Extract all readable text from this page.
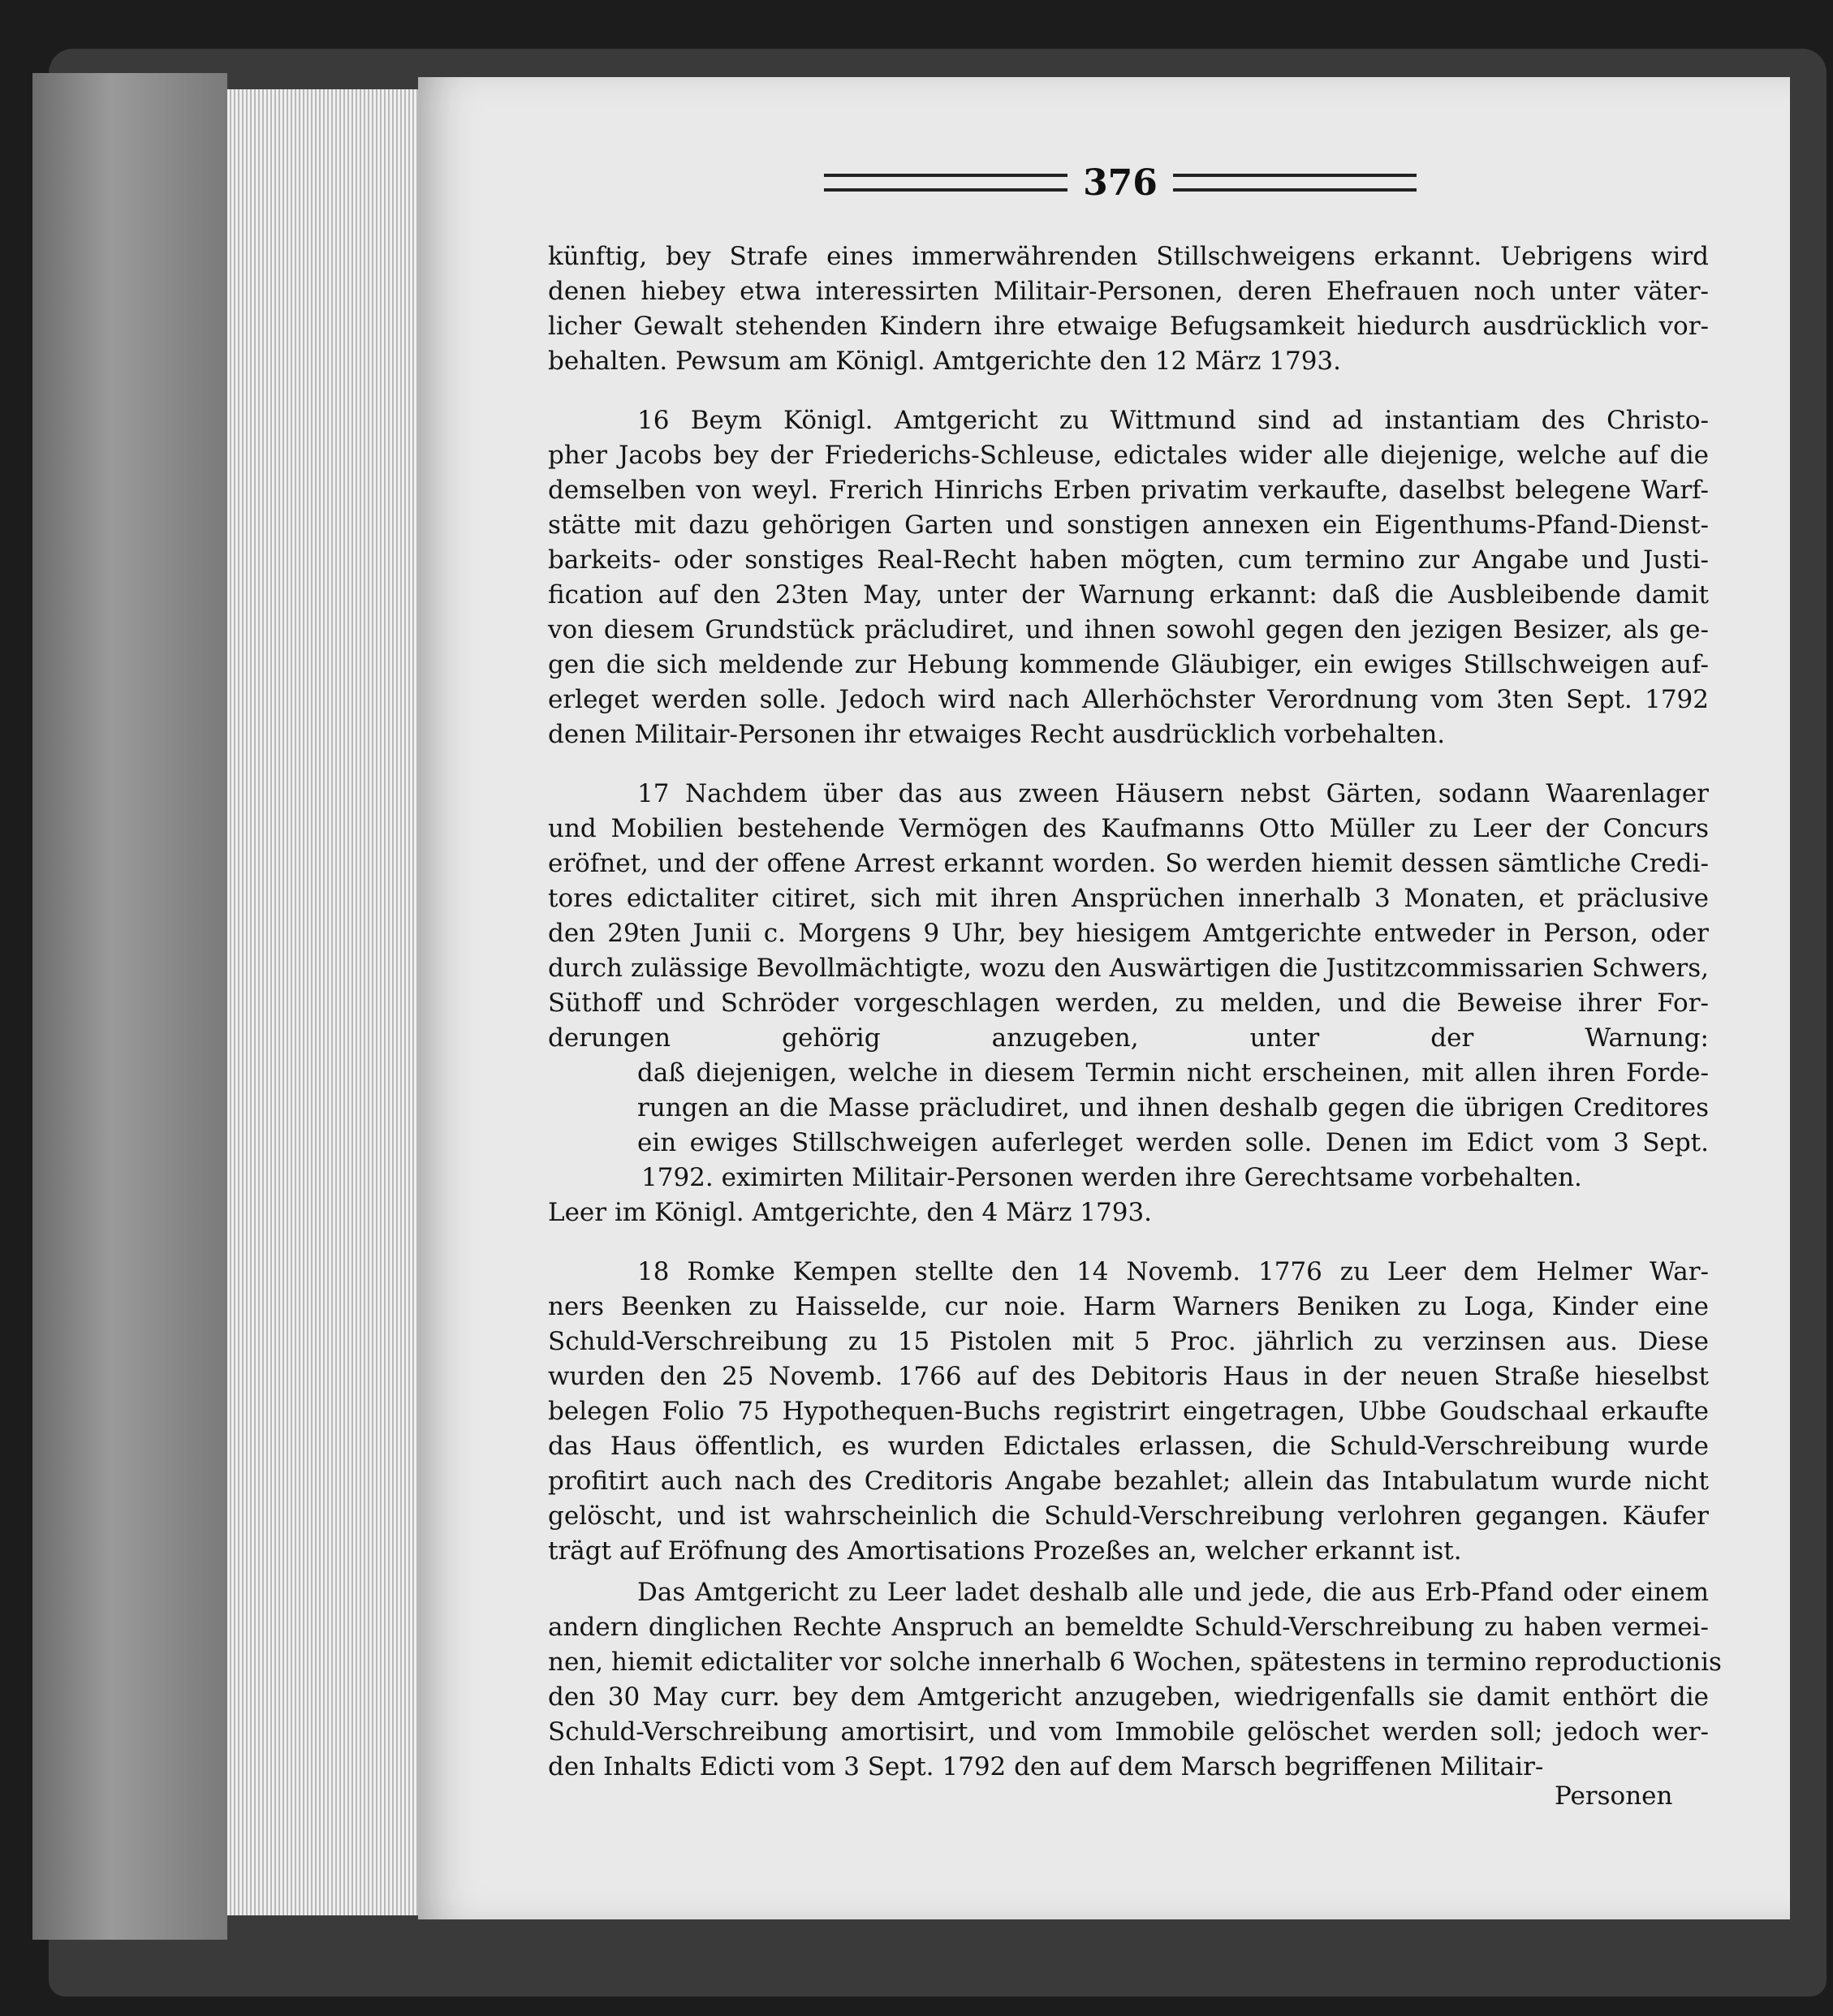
376
künftig, bey Strafe eines immerwährenden Stillschweigens erkannt. Uebrigens wird
denen hiebey etwa interessirten Militair-Personen, deren Ehefrauen noch unter väter-
licher Gewalt stehenden Kindern ihre etwaige Befugsamkeit hiedurch ausdrücklich vor-
behalten. Pewsum am Königl. Amtgerichte den 12 März 1793.
16 Beym Königl. Amtgericht zu Wittmund sind ad instantiam des Christo-
pher Jacobs bey der Friederichs-Schleuse, edictales wider alle diejenige, welche auf die
demselben von weyl. Frerich Hinrichs Erben privatim verkaufte, daselbst belegene Warf-
stätte mit dazu gehörigen Garten und sonstigen annexen ein Eigenthums-Pfand-Dienst-
barkeits- oder sonstiges Real-Recht haben mögten, cum termino zur Angabe und Justi-
fication auf den 23ten May, unter der Warnung erkannt: daß die Ausbleibende damit
von diesem Grundstück präcludiret, und ihnen sowohl gegen den jezigen Besizer, als ge-
gen die sich meldende zur Hebung kommende Gläubiger, ein ewiges Stillschweigen auf-
erleget werden solle. Jedoch wird nach Allerhöchster Verordnung vom 3ten Sept. 1792
denen Militair-Personen ihr etwaiges Recht ausdrücklich vorbehalten.
17 Nachdem über das aus zween Häusern nebst Gärten, sodann Waarenlager
und Mobilien bestehende Vermögen des Kaufmanns Otto Müller zu Leer der Concurs
eröfnet, und der offene Arrest erkannt worden. So werden hiemit dessen sämtliche Credi-
tores edictaliter citiret, sich mit ihren Ansprüchen innerhalb 3 Monaten, et präclusive
den 29ten Junii c. Morgens 9 Uhr, bey hiesigem Amtgerichte entweder in Person, oder
durch zulässige Bevollmächtigte, wozu den Auswärtigen die Justitzcommissarien Schwers,
Süthoff und Schröder vorgeschlagen werden, zu melden, und die Beweise ihrer For-
derungen gehörig anzugeben, unter der Warnung:
daß diejenigen, welche in diesem Termin nicht erscheinen, mit allen ihren Forde-
rungen an die Masse präcludiret, und ihnen deshalb gegen die übrigen Creditores
ein ewiges Stillschweigen auferleget werden solle. Denen im Edict vom 3 Sept.
1792. eximirten Militair-Personen werden ihre Gerechtsame vorbehalten.
Leer im Königl. Amtgerichte, den 4 März 1793.
18 Romke Kempen stellte den 14 Novemb. 1776 zu Leer dem Helmer War-
ners Beenken zu Haisselde, cur noie. Harm Warners Beniken zu Loga, Kinder eine
Schuld-Verschreibung zu 15 Pistolen mit 5 Proc. jährlich zu verzinsen aus. Diese
wurden den 25 Novemb. 1766 auf des Debitoris Haus in der neuen Straße hieselbst
belegen Folio 75 Hypothequen-Buchs registrirt eingetragen, Ubbe Goudschaal erkaufte
das Haus öffentlich, es wurden Edictales erlassen, die Schuld-Verschreibung wurde
profitirt auch nach des Creditoris Angabe bezahlet; allein das Intabulatum wurde nicht
gelöscht, und ist wahrscheinlich die Schuld-Verschreibung verlohren gegangen. Käufer
trägt auf Eröfnung des Amortisations Prozeßes an, welcher erkannt ist.
Das Amtgericht zu Leer ladet deshalb alle und jede, die aus Erb-Pfand oder einem
andern dinglichen Rechte Anspruch an bemeldte Schuld-Verschreibung zu haben vermei-
nen, hiemit edictaliter vor solche innerhalb 6 Wochen, spätestens in termino reproductionis
den 30 May curr. bey dem Amtgericht anzugeben, wiedrigenfalls sie damit enthört die
Schuld-Verschreibung amortisirt, und vom Immobile gelöschet werden soll; jedoch wer-
den Inhalts Edicti vom 3 Sept. 1792 den auf dem Marsch begriffenen Militair-
Personen
